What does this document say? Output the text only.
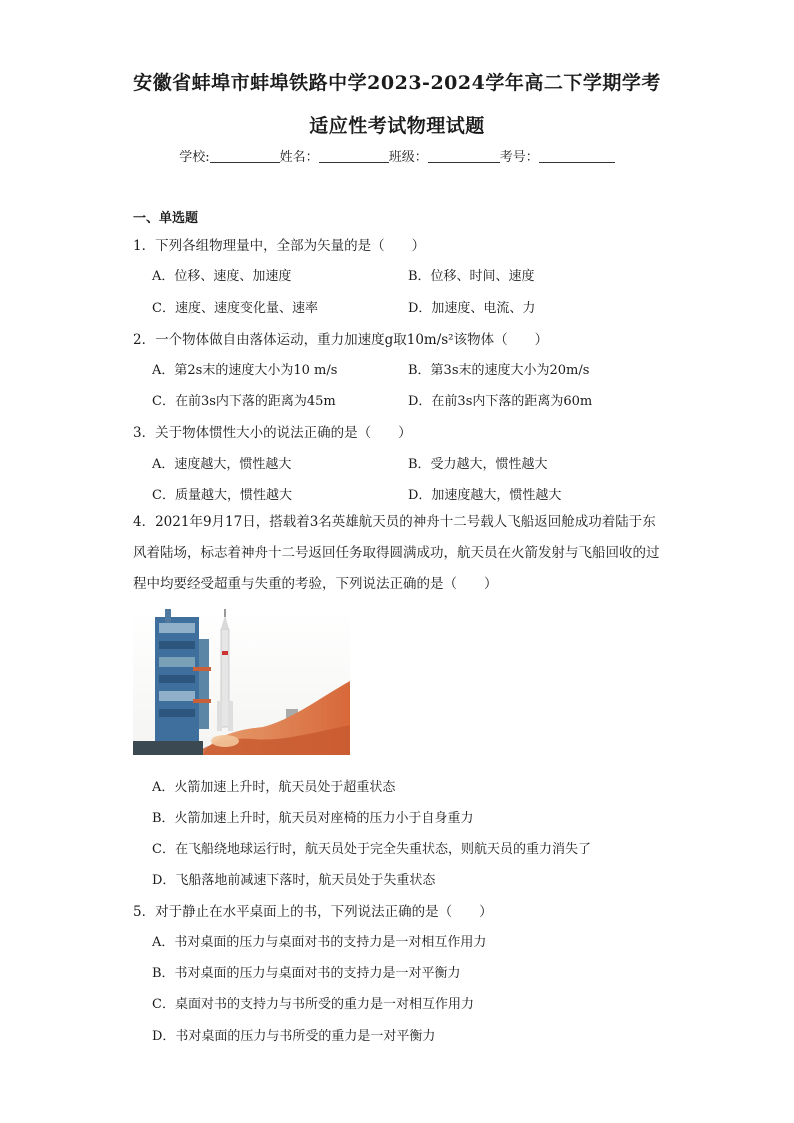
安徽省蚌埠市蚌埠铁路中学2023-2024学年高二下学期学考
适应性考试物理试题
学校:	姓名：	班级：	考号：
一、单选题
1．下列各组物理量中，全部为矢量的是（　　）
A．位移、速度、加速度	B．位移、时间、速度
C．速度、速度变化量、速率	D．加速度、电流、力
2．一个物体做自由落体运动，重力加速度g取10m/s²该物体（　　）
A．第2s末的速度大小为10 m/s	B．第3s末的速度大小为20m/s
C．在前3s内下落的距离为45m	D．在前3s内下落的距离为60m
3．关于物体惯性大小的说法正确的是（　　）
A．速度越大，惯性越大	B．受力越大，惯性越大
C．质量越大，惯性越大	D．加速度越大，惯性越大
4．2021年9月17日，搭载着3名英雄航天员的神舟十二号载人飞船返回舱成功着陆于东风着陆场，标志着神舟十二号返回任务取得圆满成功，航天员在火箭发射与飞船回收的过程中均要经受超重与失重的考验，下列说法正确的是（　　）
A．火箭加速上升时，航天员处于超重状态
B．火箭加速上升时，航天员对座椅的压力小于自身重力
C．在飞船绕地球运行时，航天员处于完全失重状态，则航天员的重力消失了
D．飞船落地前减速下落时，航天员处于失重状态
5．对于静止在水平桌面上的书，下列说法正确的是（　　）
A．书对桌面的压力与桌面对书的支持力是一对相互作用力
B．书对桌面的压力与桌面对书的支持力是一对平衡力
C．桌面对书的支持力与书所受的重力是一对相互作用力
D．书对桌面的压力与书所受的重力是一对平衡力
